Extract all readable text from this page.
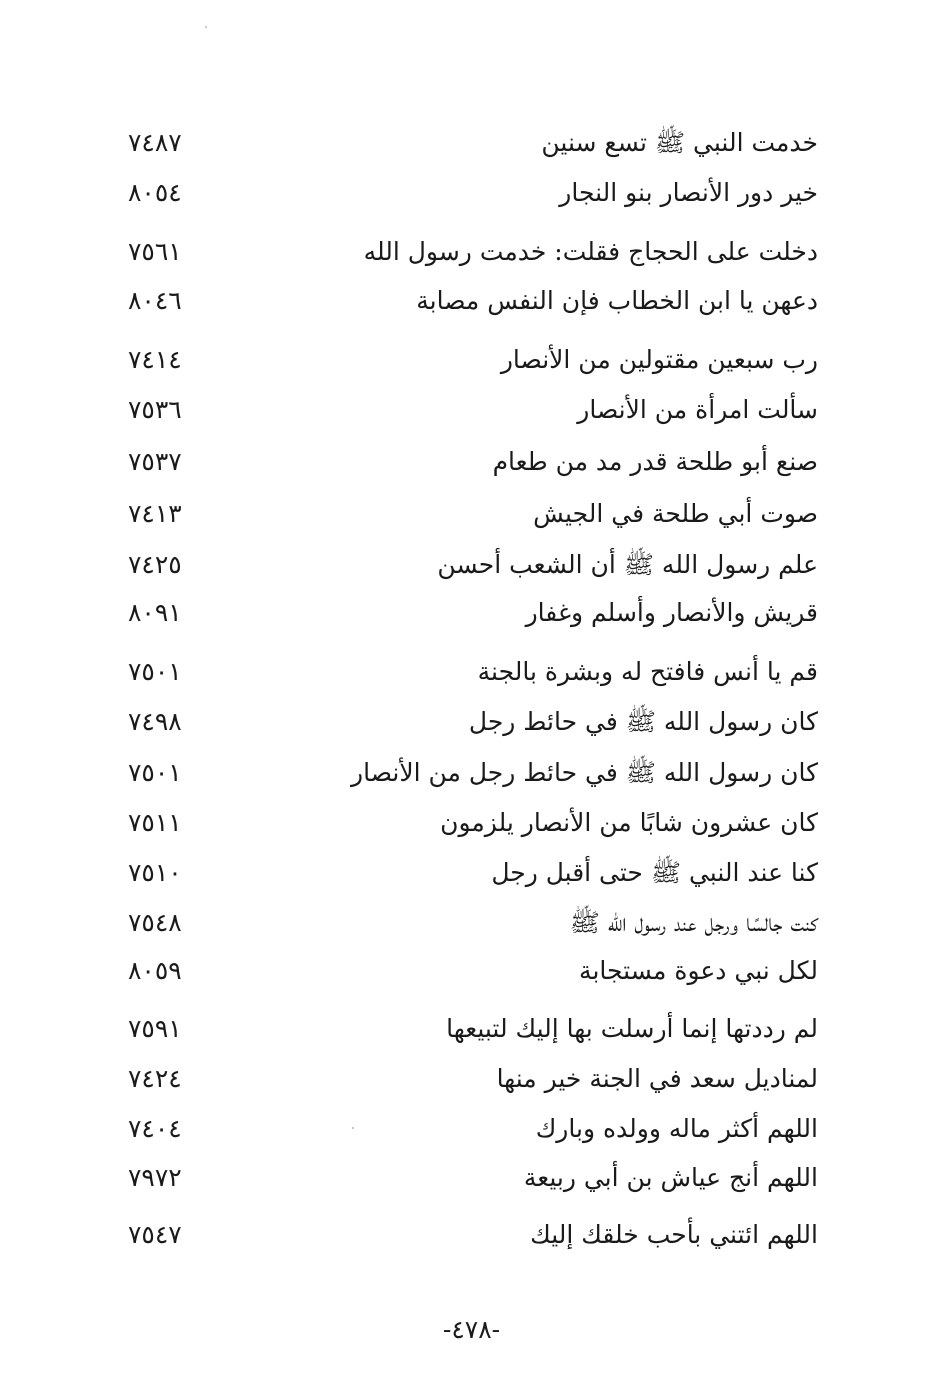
خدمت النبي ﷺ تسع سنين
٧٤٨٧
خير دور الأنصار بنو النجار
٨٠٥٤
دخلت على الحجاج فقلت: خدمت رسول الله
٧٥٦١
دعهن يا ابن الخطاب فإن النفس مصابة
٨٠٤٦
رب سبعين مقتولين من الأنصار
٧٤١٤
سألت امرأة من الأنصار
٧٥٣٦
صنع أبو طلحة قدر مد من طعام
٧٥٣٧
صوت أبي طلحة في الجيش
٧٤١٣
علم رسول الله ﷺ أن الشعب أحسن
٧٤٢٥
قريش والأنصار وأسلم وغفار
٨٠٩١
قم يا أنس فافتح له وبشرة بالجنة
٧٥٠١
كان رسول الله ﷺ في حائط رجل
٧٤٩٨
كان رسول الله ﷺ في حائط رجل من الأنصار
٧٥٠١
كان عشرون شابًا من الأنصار يلزمون
٧٥١١
كنا عند النبي ﷺ حتى أقبل رجل
٧٥١٠
كنت جالسًا ورجل عند رسول الله ﷺ
٧٥٤٨
لكل نبي دعوة مستجابة
٨٠٥٩
لم رددتها إنما أرسلت بها إليك لتبيعها
٧٥٩١
لمناديل سعد في الجنة خير منها
٧٤٢٤
اللهم أكثر ماله وولده وبارك
٧٤٠٤
اللهم أنج عياش بن أبي ربيعة
٧٩٧٢
اللهم ائتني بأحب خلقك إليك
٧٥٤٧
-٤٧٨-
